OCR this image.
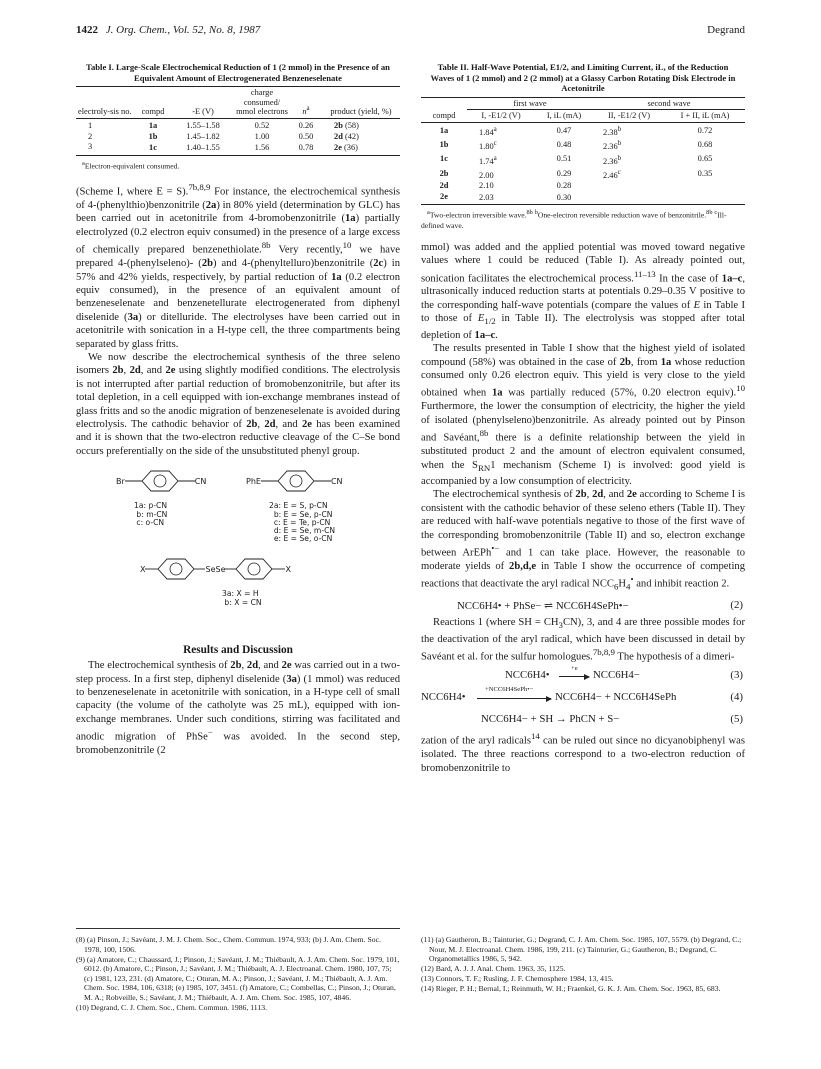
1422 J. Org. Chem., Vol. 52, No. 8, 1987	Degrand
Table I. Large-Scale Electrochemical Reduction of 1 (2 mmol) in the Presence of an Equivalent Amount of Electrogenerated Benzeneselenate
electroly-sis no.	compd	-E (V)	charge consumed/ mmol electrons	$n^a$	product (yield, %)

1	1a	1.55–1.58	0.52	0.26	2b (58)
2	1b	1.45–1.82	1.00	0.50	2d (42)
3	1c	1.40–1.55	1.56	0.78	2e (36)
$^a$Electron-equivalent consumed.

(Scheme I, where E = S).$^{7b,8,9}$ For instance, the electrochemical synthesis of 4-(phenylthio)benzonitrile (2a) in 80% yield (determination by GLC) has been carried out in acetonitrile from 4-bromobenzonitrile (1a) partially electrolyzed (0.2 electron equiv consumed) in the presence of a large excess of chemically prepared benzenethiolate.$^{8b}$ Very recently,$^{10}$ we have prepared 4-(phenylseleno)- (2b) and 4-(phenyltelluro)benzonitrile (2c) in 57% and 42% yields, respectively, by partial reduction of 1a (0.2 electron equiv consumed), in the presence of an equivalent amount of benzeneselenate and benzenetellurate electrogenerated from diphenyl diselenide (3a) or ditelluride. The electrolyses have been carried out in acetonitrile with sonication in a H-type cell, the three compartments being separated by glass fritts.

We now describe the electrochemical synthesis of the three seleno isomers 2b, 2d, and 2e using slightly modified conditions. The electrolysis is not interrupted after partial reduction of bromobenzonitrile, but after its total depletion, in a cell equipped with ion-exchange membranes instead of glass fritts and so the anodic migration of benzeneselenate is avoided during electrolysis. The cathodic behavior of 2b, 2d, and 2e has been examined and it is shown that the two-electron reductive cleavage of the C–Se bond occurs preferentially on the side of the unsubstituted phenyl group.

Br	CN
1a: p-CN
b: m-CN
c: o-CN
PhE	CN
2a: E = S, p-CN
b: E = Se, p-CN
c: E = Te, p-CN
d: E = Se, m-CN
e: E = Se, o-CN
X	SeSe	X
3a: X = H
b: X = CN
Results and Discussion

The electrochemical synthesis of 2b, 2d, and 2e was carried out in a two-step process. In a first step, diphenyl diselenide (3a) (1 mmol) was reduced to benzeneselenate in acetonitrile with sonication, in a H-type cell of small capacity (the volume of the catholyte was 25 mL), equipped with ion-exchange membranes. Under such conditions, stirring was facilitated and anodic migration of PhSe− was avoided. In the second step, bromobenzonitrile (2

Table II. Half-Wave Potential, E1/2, and Limiting Current, iL, of the Reduction Waves of 1 (2 mmol) and 2 (2 mmol) at a Glassy Carbon Rotating Disk Electrode in Acetonitrile
compd	first wave		second wave	
	I, -E1/2 (V)	I, iL (mA)	II, -E1/2 (V)	I + II, iL (mA)

1a	1.84$^a$	0.47	2.38$^b$	0.72
1b	1.80$^c$	0.48	2.36$^b$	0.68
1c	1.74$^a$	0.51	2.36$^b$	0.65
2b	2.00	0.29	2.46$^c$	0.35
2d	2.10	0.28		
2e	2.03	0.30		
$^a$Two-electron irreversible wave.$^{8b}$ $^b$One-electron reversible reduction wave of benzonitrile.$^{8b}$ $^c$Ill-defined wave.

mmol) was added and the applied potential was moved toward negative values where 1 could be reduced (Table I). As already pointed out, sonication facilitates the electrochemical process.$^{11-13}$ In the case of 1a–c, ultrasonically induced reduction starts at potentials 0.29–0.35 V positive to the corresponding half-wave potentials (compare the values of E in Table I to those of $E_{1/2}$ in Table II). The electrolysis was stopped after total depletion of 1a–c.

The results presented in Table I show that the highest yield of isolated compound (58%) was obtained in the case of 2b, from 1a whose reduction consumed only 0.26 electron equiv. This yield is very close to the yield obtained when 1a was partially reduced (57%, 0.20 electron equiv).$^{10}$ Furthermore, the lower the consumption of electricity, the higher the yield of isolated (phenylseleno)benzonitrile. As already pointed out by Pinson and Savéant,$^{8b}$ there is a definite relationship between the yield in substituted product 2 and the amount of electron equivalent consumed, when the $S_{RN}1$ mechanism (Scheme I) is involved: good yield is accompanied by a low consumption of electricity.

The electrochemical synthesis of 2b, 2d, and 2e according to Scheme I is consistent with the cathodic behavior of these seleno ethers (Table II). They are reduced with half-wave potentials negative to those of the first wave of the corresponding bromobenzonitrile (Table II) and so, electron exchange between ArEPh•− and 1 can take place. However, the reasonable to moderate yields of 2b,d,e in Table I show the occurrence of competing reactions that deactivate the aryl radical $NCC_6H_4^•$ and inhibit reaction 2.

NCC6H4• + PhSe− ⇌ NCC6H4SePh•−	(2)

Reactions 1 (where SH = $CH_3CN$), 3, and 4 are three possible modes for the deactivation of the aryl radical, which have been discussed in detail by Savéant et al. for the sulfur homologues.$^{7b,8,9}$ The hypothesis of a dimeri-

NCC6H4•
+e
NCC6H4−	(3)
NCC6H4•
+NCC6H4SePh•−
NCC6H4− + NCC6H4SePh	(4)
NCC6H4− + SH → PhCN + S−	(5)

zation of the aryl radicals$^{14}$ can be ruled out since no dicyanobiphenyl was isolated. The three reactions correspond to a two-electron reduction of bromobenzonitrile to

(8) (a) Pinson, J.; Savéant, J. M. J. Chem. Soc., Chem. Commun. 1974, 933; (b) J. Am. Chem. Soc. 1978, 100, 1506.

(9) (a) Amatore, C.; Chaussard, J.; Pinson, J.; Savéant, J. M.; Thiébault, A. J. Am. Chem. Soc. 1979, 101, 6012. (b) Amatore, C.; Pinson, J.; Savéant, J. M.; Thiébault, A. J. Electroanal. Chem. 1980, 107, 75; (c) 1981, 123, 231. (d) Amatore, C.; Oturan, M. A.; Pinson, J.; Savéant, J. M.; Thiébault, A. J. Am. Chem. Soc. 1984, 106, 6318; (e) 1985, 107, 3451. (f) Amatore, C.; Combellas, C.; Pinson, J.; Oturan, M. A.; Robveille, S.; Savéant, J. M.; Thiébault, A. J. Am. Chem. Soc. 1985, 107, 4846.

(10) Degrand, C. J. Chem. Soc., Chem. Commun. 1986, 1113.

(11) (a) Gautheron, B.; Tainturier, G.; Degrand, C. J. Am. Chem. Soc. 1985, 107, 5579. (b) Degrand, C.; Nour, M. J. Electroanal. Chem. 1986, 199, 211. (c) Tainturier, G.; Gautheron, B.; Degrand, C. Organometallics 1986, 5, 942.

(12) Bard, A. J. J. Anal. Chem. 1963, 35, 1125.

(13) Connors, T. F.; Rusling, J. F. Chemosphere 1984, 13, 415.

(14) Rieger, P. H.; Bernal, I.; Reinmuth, W. H.; Fraenkel, G. K. J. Am. Chem. Soc. 1963, 85, 683.
